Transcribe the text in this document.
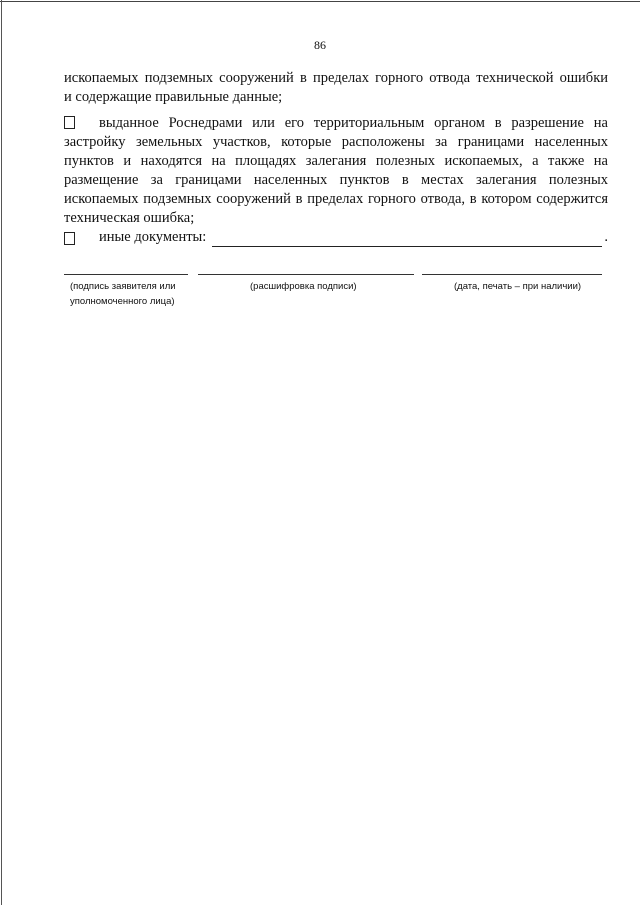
86
ископаемых подземных сооружений в пределах горного отвода технической ошибки
и содержащие правильные данные;
выданное Роснедрами или его территориальным органом в разрешение на застройку земельных участков, которые расположены за границами населенных пунктов и находятся на площадях залегания полезных ископаемых, а также на размещение за границами населенных пунктов в местах залегания полезных ископаемых подземных сооружений в пределах горного отвода, в котором содержится техническая ошибка;
иные документы:	.
(подпись заявителя или уполномоченного лица)
(расшифровка подписи)	(дата, печать – при наличии)
